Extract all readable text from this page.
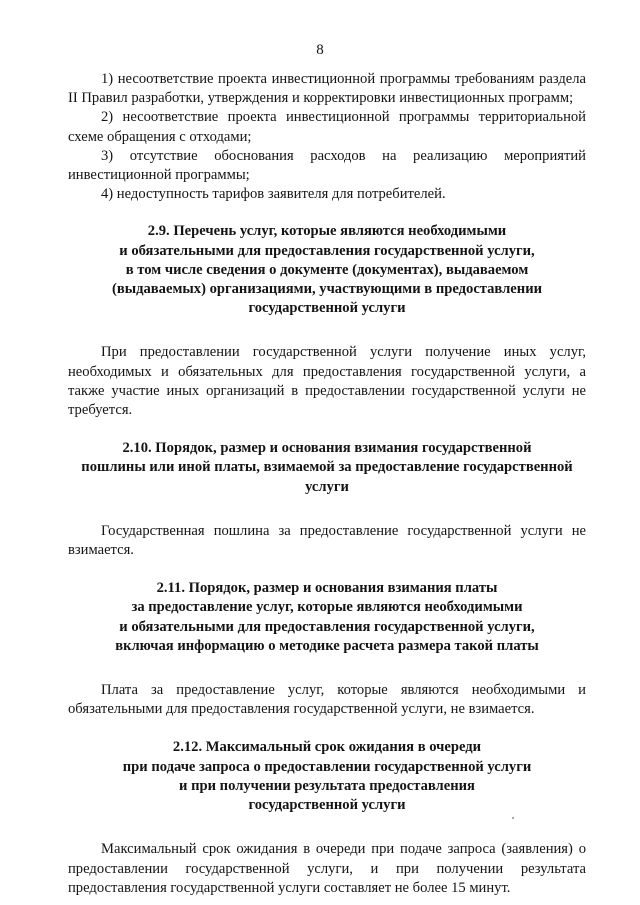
8

1) несоответствие проекта инвестиционной программы требованиям раздела II Правил разработки, утверждения и корректировки инвестиционных программ;

2) несоответствие проекта инвестиционной программы территориальной схеме обращения с отходами;

3) отсутствие обоснования расходов на реализацию мероприятий инвестиционной программы;

4) недоступность тарифов заявителя для потребителей.

2.9. Перечень услуг, которые являются необходимыми
и обязательными для предоставления государственной услуги,
в том числе сведения о документе (документах), выдаваемом
(выдаваемых) организациями, участвующими в предоставлении
государственной услуги

При предоставлении государственной услуги получение иных услуг, необходимых и обязательных для предоставления государственной услуги, а также участие иных организаций в предоставлении государственной услуги не требуется.

2.10. Порядок, размер и основания взимания государственной
пошлины или иной платы, взимаемой за предоставление государственной
услуги

Государственная пошлина за предоставление государственной услуги не взимается.

2.11. Порядок, размер и основания взимания платы
за предоставление услуг, которые являются необходимыми
и обязательными для предоставления государственной услуги,
включая информацию о методике расчета размера такой платы

Плата за предоставление услуг, которые являются необходимыми и обязательными для предоставления государственной услуги, не взимается.

2.12. Максимальный срок ожидания в очереди
при подаче запроса о предоставлении государственной услуги
и при получении результата предоставления
государственной услуги

Максимальный срок ожидания в очереди при подаче запроса (заявления) о предоставлении государственной услуги, и при получении результата предоставления государственной услуги составляет не более 15 минут.
